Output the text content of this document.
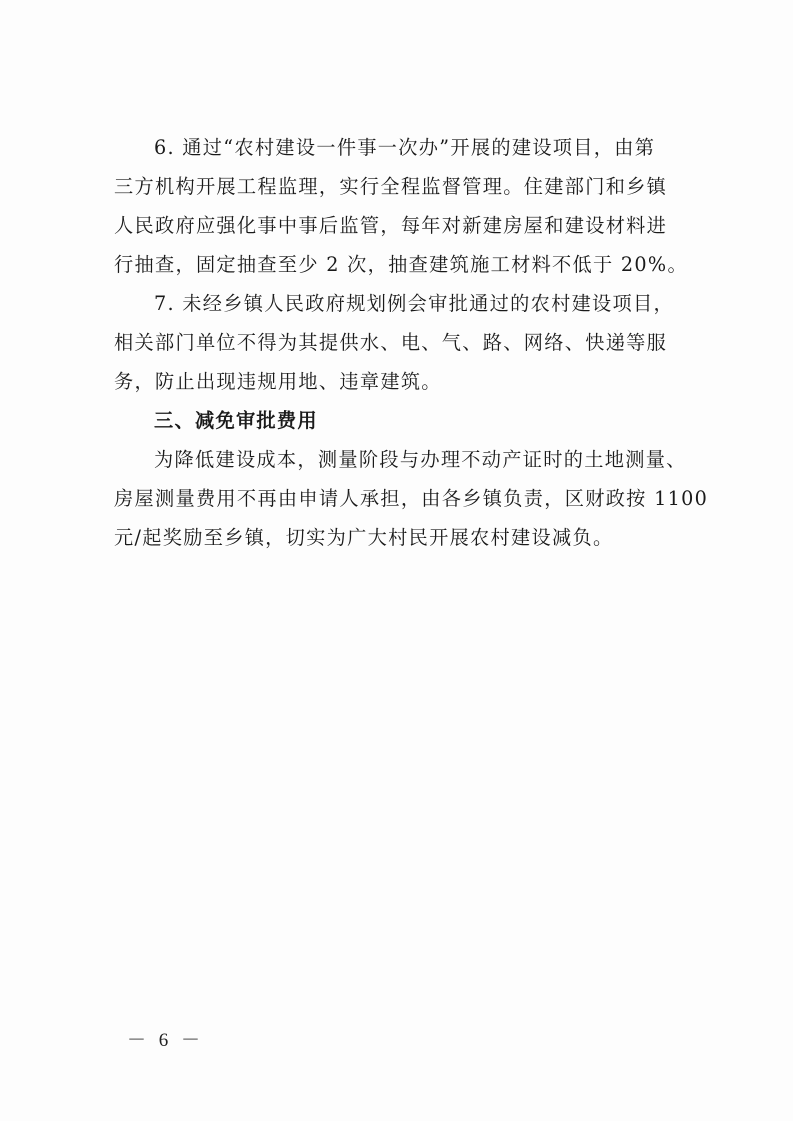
6. 通过“农村建设一件事一次办”开展的建设项目，由第
三方机构开展工程监理，实行全程监督管理。住建部门和乡镇
人民政府应强化事中事后监管，每年对新建房屋和建设材料进
行抽查，固定抽查至少 2 次，抽查建筑施工材料不低于 20%。

7. 未经乡镇人民政府规划例会审批通过的农村建设项目，
相关部门单位不得为其提供水、电、气、路、网络、快递等服
务，防止出现违规用地、违章建筑。

三、减免审批费用

为降低建设成本，测量阶段与办理不动产证时的土地测量、
房屋测量费用不再由申请人承担，由各乡镇负责，区财政按 1100
元/起奖励至乡镇，切实为广大村民开展农村建设减负。

－ 6 －
